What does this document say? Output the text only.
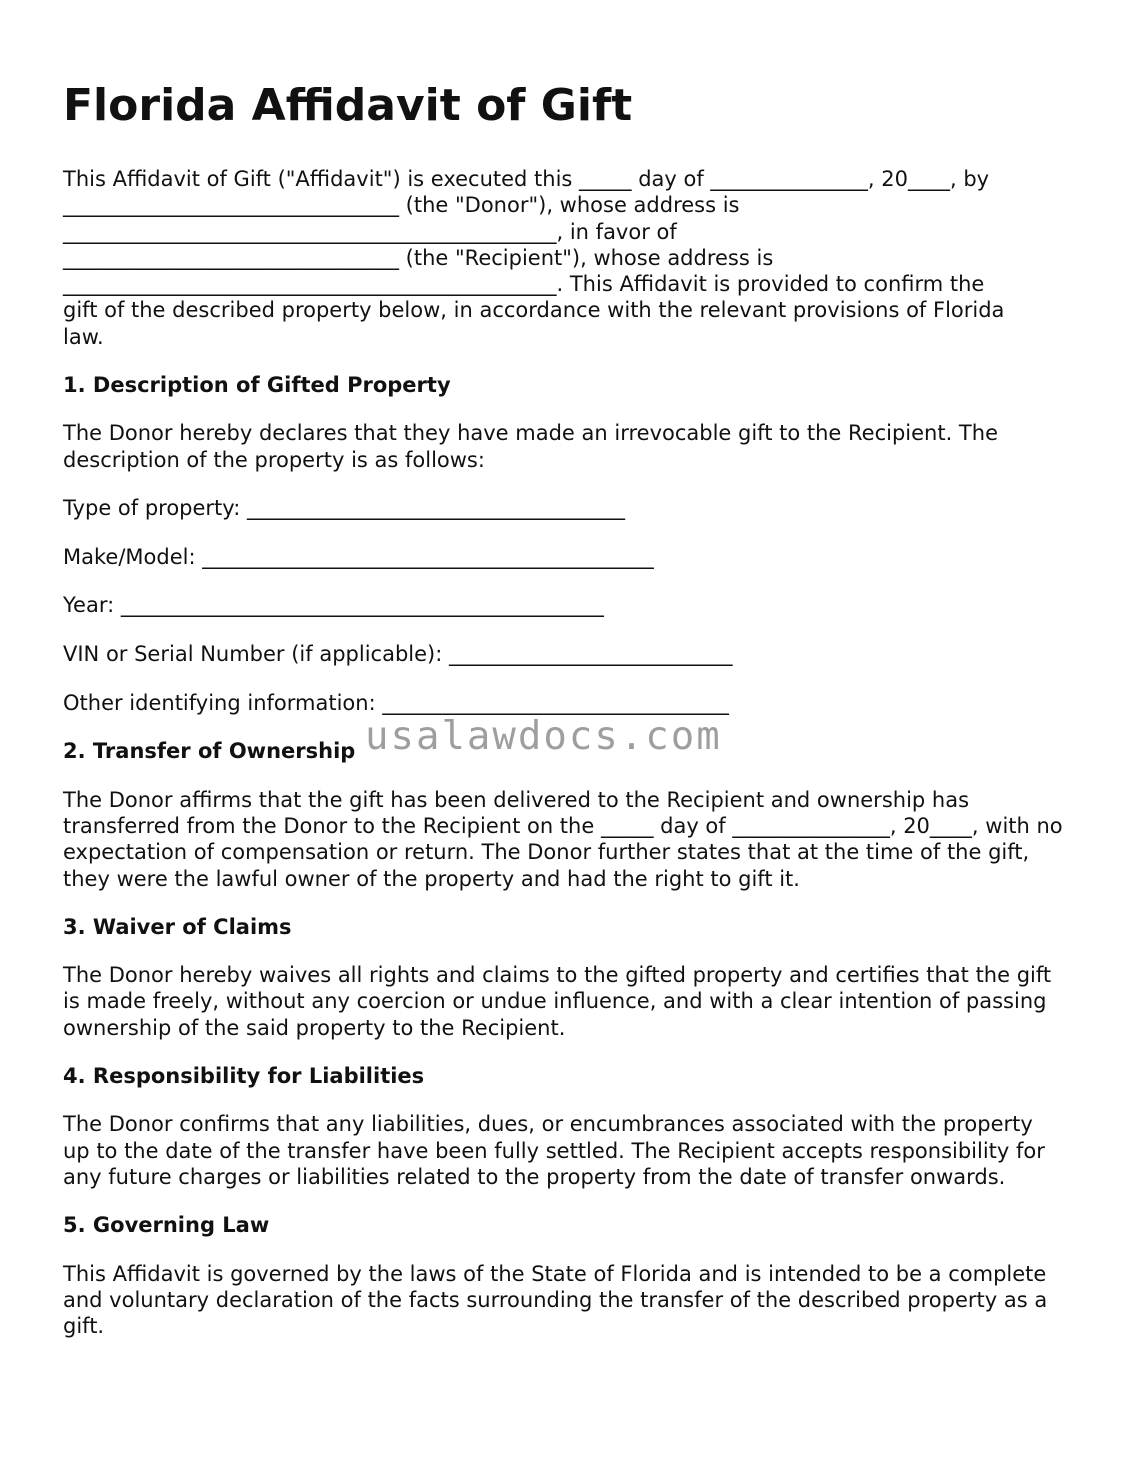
Florida Affidavit of Gift

This Affidavit of Gift ("Affidavit") is executed this _____ day of _______________, 20____, by
________________________________ (the "Donor"), whose address is
_______________________________________________, in favor of
________________________________ (the "Recipient"), whose address is
_______________________________________________. This Affidavit is provided to confirm the
gift of the described property below, in accordance with the relevant provisions of Florida
law.

1. Description of Gifted Property

The Donor hereby declares that they have made an irrevocable gift to the Recipient. The description of the property is as follows:

Type of property: ____________________________________

Make/Model: ___________________________________________

Year: ______________________________________________

VIN or Serial Number (if applicable): ___________________________

Other identifying information: _________________________________

2. Transfer of Ownership

The Donor affirms that the gift has been delivered to the Recipient and ownership has transferred from the Donor to the Recipient on the _____ day of _______________, 20____, with no expectation of compensation or return. The Donor further states that at the time of the gift, they were the lawful owner of the property and had the right to gift it.

3. Waiver of Claims

The Donor hereby waives all rights and claims to the gifted property and certifies that the gift is made freely, without any coercion or undue influence, and with a clear intention of passing ownership of the said property to the Recipient.

4. Responsibility for Liabilities

The Donor confirms that any liabilities, dues, or encumbrances associated with the property up to the date of the transfer have been fully settled. The Recipient accepts responsibility for any future charges or liabilities related to the property from the date of transfer onwards.

5. Governing Law

This Affidavit is governed by the laws of the State of Florida and is intended to be a complete and voluntary declaration of the facts surrounding the transfer of the described property as a gift.

usalawdocs.com
